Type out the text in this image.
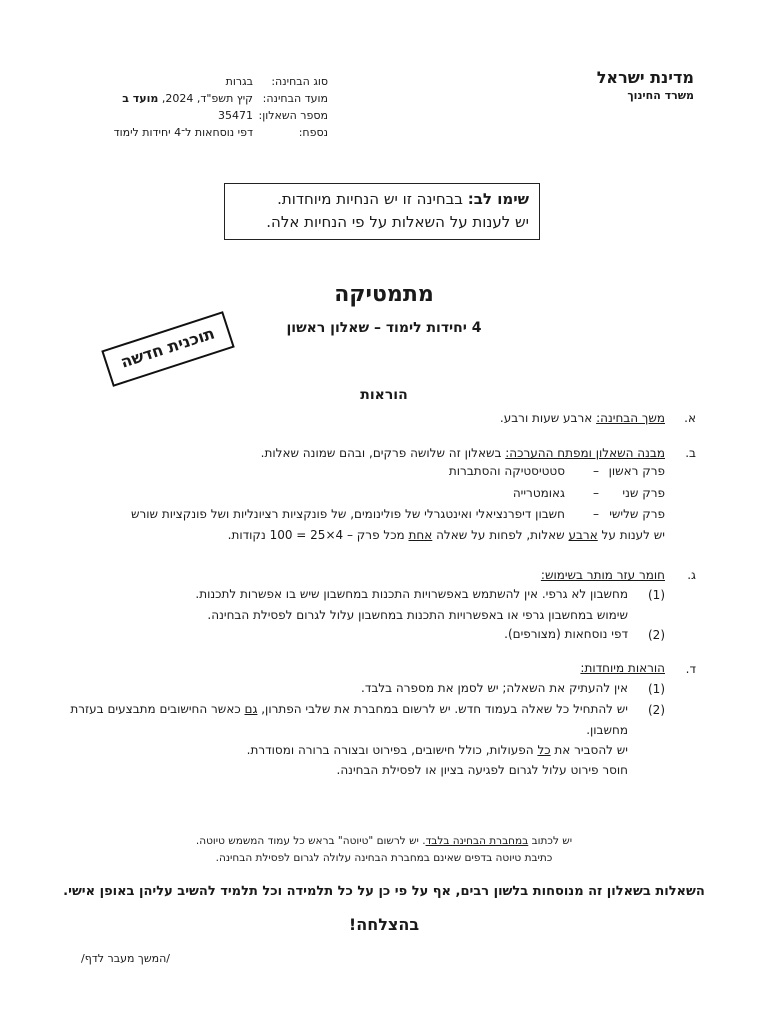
מדינת ישראל
משרד החינוך
סוג הבחינה:
בגרות
מועד הבחינה:
קיץ תשפ"ד, 2024, מועד ב
מספר השאלון:
35471
נספח:
דפי נוסחאות ל־4 יחידות לימוד
שימו לב: בבחינה זו יש הנחיות מיוחדות.
יש לענות על השאלות על פי הנחיות אלה.
מתמטיקה
4 יחידות לימוד – שאלון ראשון
תוכנית חדשה
הוראות
א.
משך הבחינה: ארבע שעות ורבע.
ב.
מבנה השאלון ומפתח ההערכה: בשאלון זה שלושה פרקים, ובהם שמונה שאלות.
פרק ראשון
–
סטטיסטיקה והסתברות
פרק שני
–
גאומטרייה
פרק שלישי
–
חשבון דיפרנציאלי ואינטגרלי של פולינומים, של פונקציות רציונליות ושל פונקציות שורש
יש לענות על ארבע שאלות, לפחות על שאלה אחת מכל פרק – 4×25 = 100 נקודות.
ג.
חומר עזר מותר בשימוש:
(1)
מחשבון לא גרפי. אין להשתמש באפשרויות התכנות במחשבון שיש בו אפשרות לתכנות.
שימוש במחשבון גרפי או באפשרויות התכנות במחשבון עלול לגרום לפסילת הבחינה.
(2)
דפי נוסחאות (מצורפים).
ד.
הוראות מיוחדות:
(1)
אין להעתיק את השאלה; יש לסמן את מספרה בלבד.
(2)
יש להתחיל כל שאלה בעמוד חדש. יש לרשום במחברת את שלבי הפתרון, גם כאשר החישובים מתבצעים בעזרת
מחשבון.
יש להסביר את כל הפעולות, כולל חישובים, בפירוט ובצורה ברורה ומסודרת.
חוסר פירוט עלול לגרום לפגיעה בציון או לפסילת הבחינה.
יש לכתוב במחברת הבחינה בלבד. יש לרשום "טיוטה" בראש כל עמוד המשמש טיוטה.
כתיבת טיוטה בדפים שאינם במחברת הבחינה עלולה לגרום לפסילת הבחינה.
השאלות בשאלון זה מנוסחות בלשון רבים, אף על פי כן על כל תלמידה וכל תלמיד להשיב עליהן באופן אישי.
בהצלחה!
/המשך מעבר לדף/
